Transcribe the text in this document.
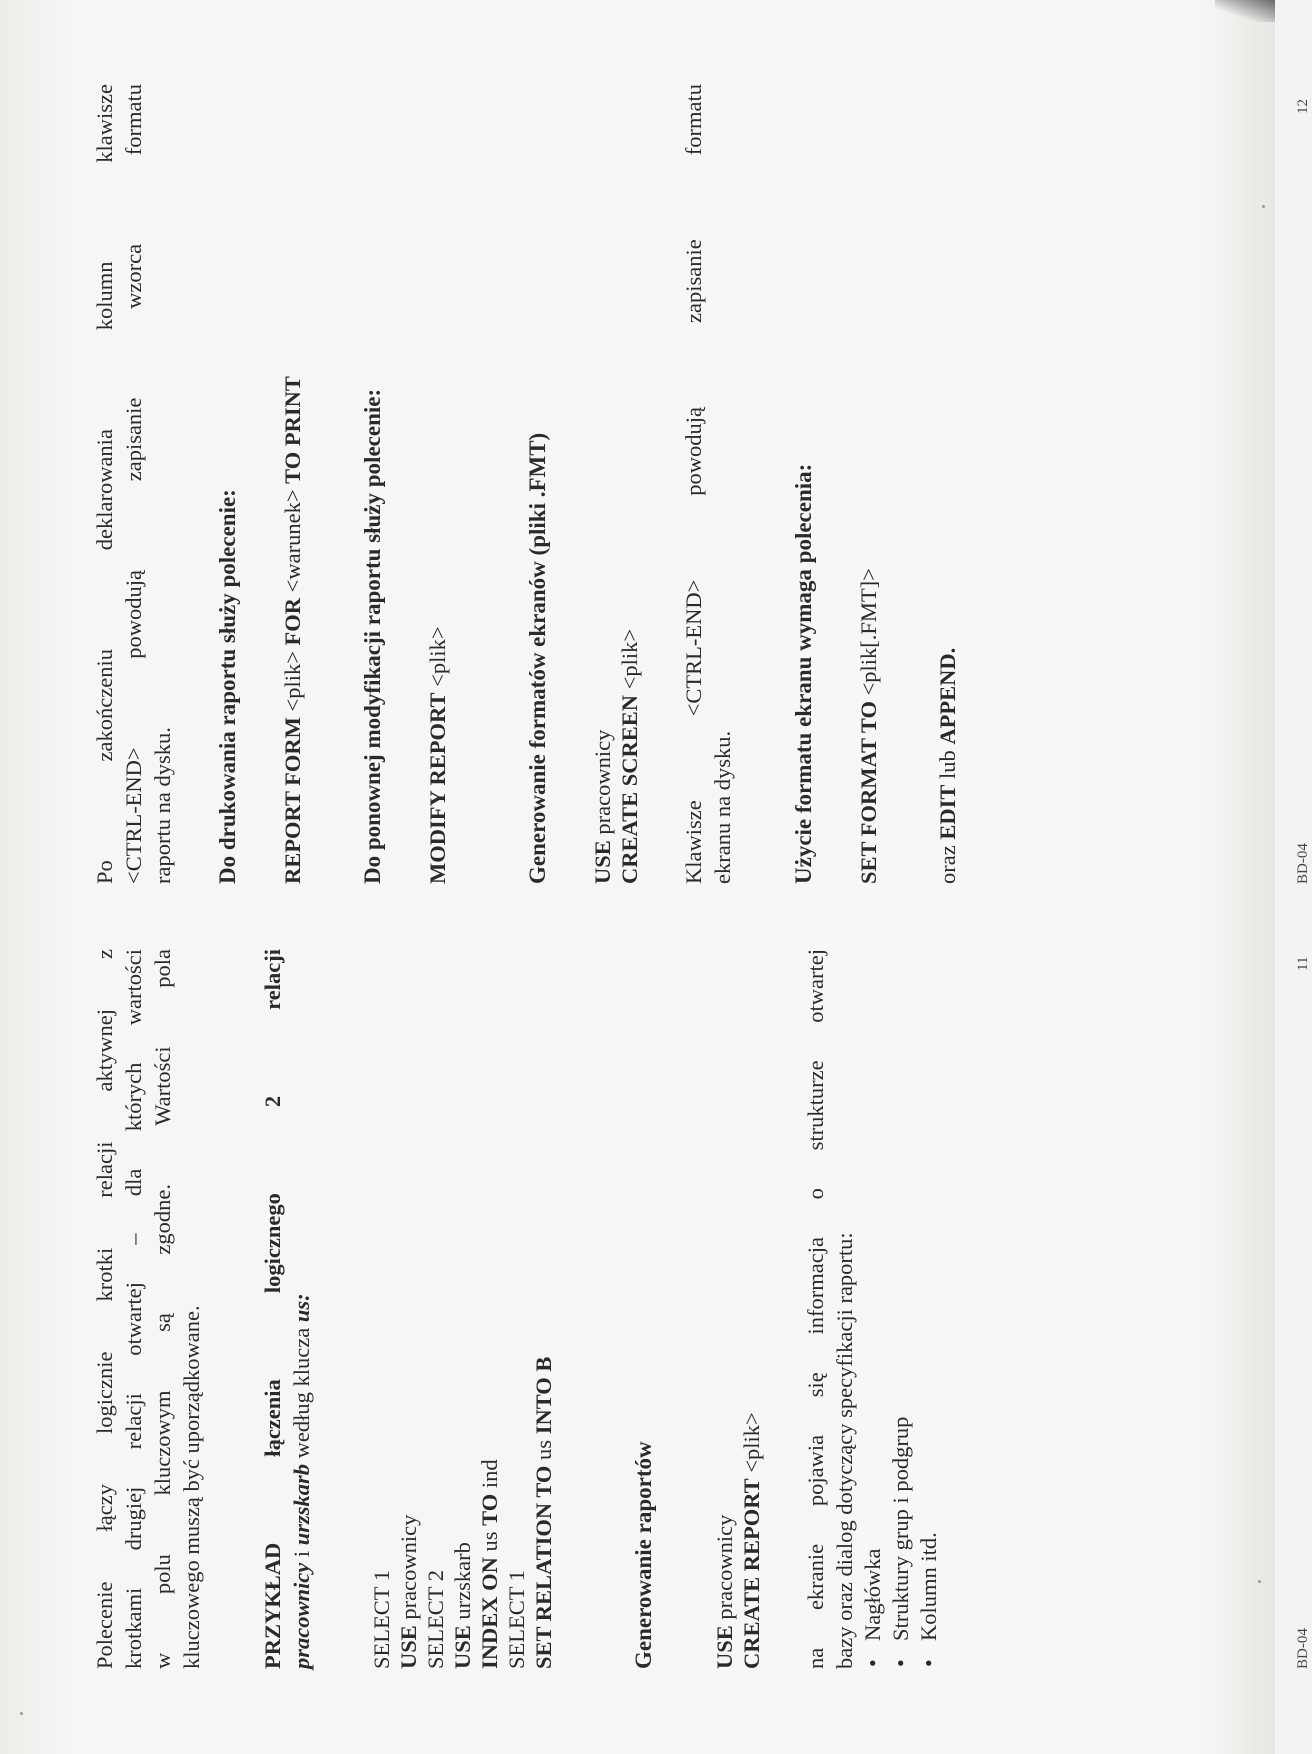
Polecenie łączy logicznie krotki relacji aktywnej z krotkami drugiej relacji otwartej – dla których wartości w polu kluczowym są zgodne. Wartości pola kluczowego muszą być uporządkowane. PRZYKŁAD
łączenia
logicznego
2
relacji

pracownicy i urzskarb według klucza us:

SELECT 1
USE pracownicy
SELECT 2
USE urzskarb INDEX ON us TO ind
SELECT 1 SET RELATION TO us INTO B

Generowanie raportów USE pracownicy CREATE REPORT <plik> na ekranie pojawia się informacja o strukturze otwartej bazy oraz dialog dotyczący specyfikacji raportu: • Nagłówka • Struktury grup i podgrup • Kolumn itd.
BD-04
11
Po
zakończeniu
deklarowania
kolumn
klawisze
<CTRL-END>
powodują
zapisanie
wzorca
formatu

raportu na dysku. Do drukowania raportu służy polecenie: REPORT FORM <plik> FOR <warunek> TO PRINT Do ponownej modyfikacji raportu służy polecenie: MODIFY REPORT <plik>	Generowanie formatów ekranów (pliki .FMT) USE pracownicy CREATE SCREEN <plik>
Klawisze
<CTRL-END>
powodują
zapisanie
formatu

ekranu na dysku. Użycie formatu ekranu wymaga polecenia: SET FORMAT TO <plik[.FMT]>
oraz EDIT lub APPEND.
BD-04
12
